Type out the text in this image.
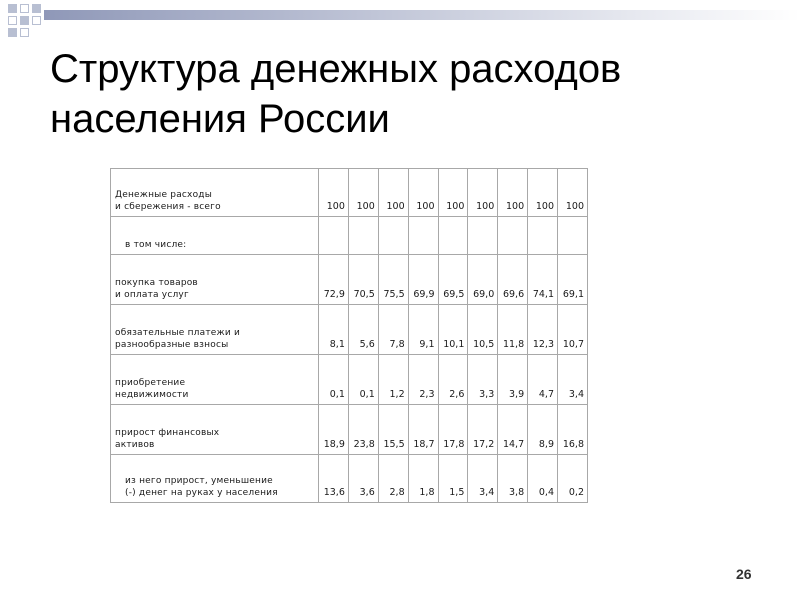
Структура денежных расходов
населения России
Денежные расходы
и сбережения - всего	100	100	100	100	100	100	100	100	100

в том числе:									

покупка товаров
и оплата услуг	72,9	70,5	75,5	69,9	69,5	69,0	69,6	74,1	69,1

обязательные платежи и
разнообразные взносы	8,1	5,6	7,8	9,1	10,1	10,5	11,8	12,3	10,7

приобретение
недвижимости	0,1	0,1	1,2	2,3	2,6	3,3	3,9	4,7	3,4

прирост финансовых
активов	18,9	23,8	15,5	18,7	17,8	17,2	14,7	8,9	16,8

из него прирост, уменьшение
(-) денег на руках у населения	13,6	3,6	2,8	1,8	1,5	3,4	3,8	0,4	0,2
26
